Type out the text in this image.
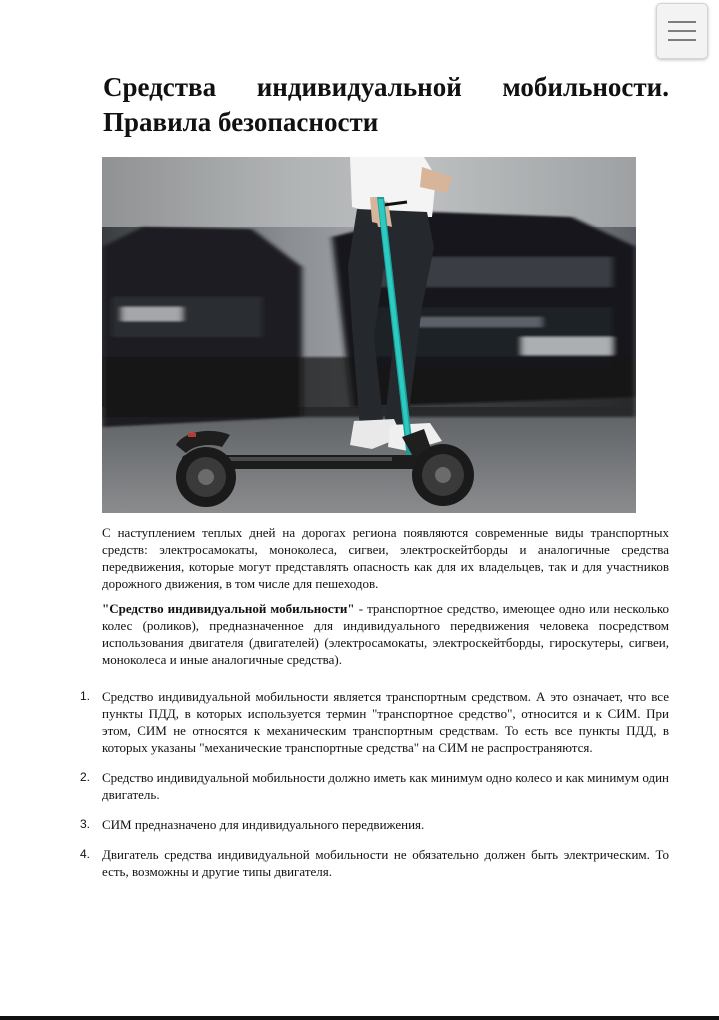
Средства индивидуальной мобильности. Правила безопасности

С наступлением теплых дней на дорогах региона появляются современные виды транспортных средств: электросамокаты, моноколеса, сигвеи, электроскейтборды и аналогичные средства передвижения, которые могут представлять опасность как для их владельцев, так и для участников дорожного движения, в том числе для пешеходов.

"Средство индивидуальной мобильности" - транспортное средство, имеющее одно или несколько колес (роликов), предназначенное для индивидуального передвижения человека посредством использования двигателя (двигателей) (электросамокаты, электроскейтборды, гироскутеры, сигвеи, моноколеса и иные аналогичные средства).

1. Средство индивидуальной мобильности является транспортным средством. А это означает, что все пункты ПДД, в которых используется термин "транспортное средство", относится и к СИМ. При этом, СИМ не относятся к механическим транспортным средствам. То есть все пункты ПДД, в которых указаны "механические транспортные средства" на СИМ не распространяются.
2. Средство индивидуальной мобильности должно иметь как минимум одно колесо и как минимум один двигатель.
3. СИМ предназначено для индивидуального передвижения.
4. Двигатель средства индивидуальной мобильности не обязательно должен быть электрическим. То есть, возможны и другие типы двигателя.
